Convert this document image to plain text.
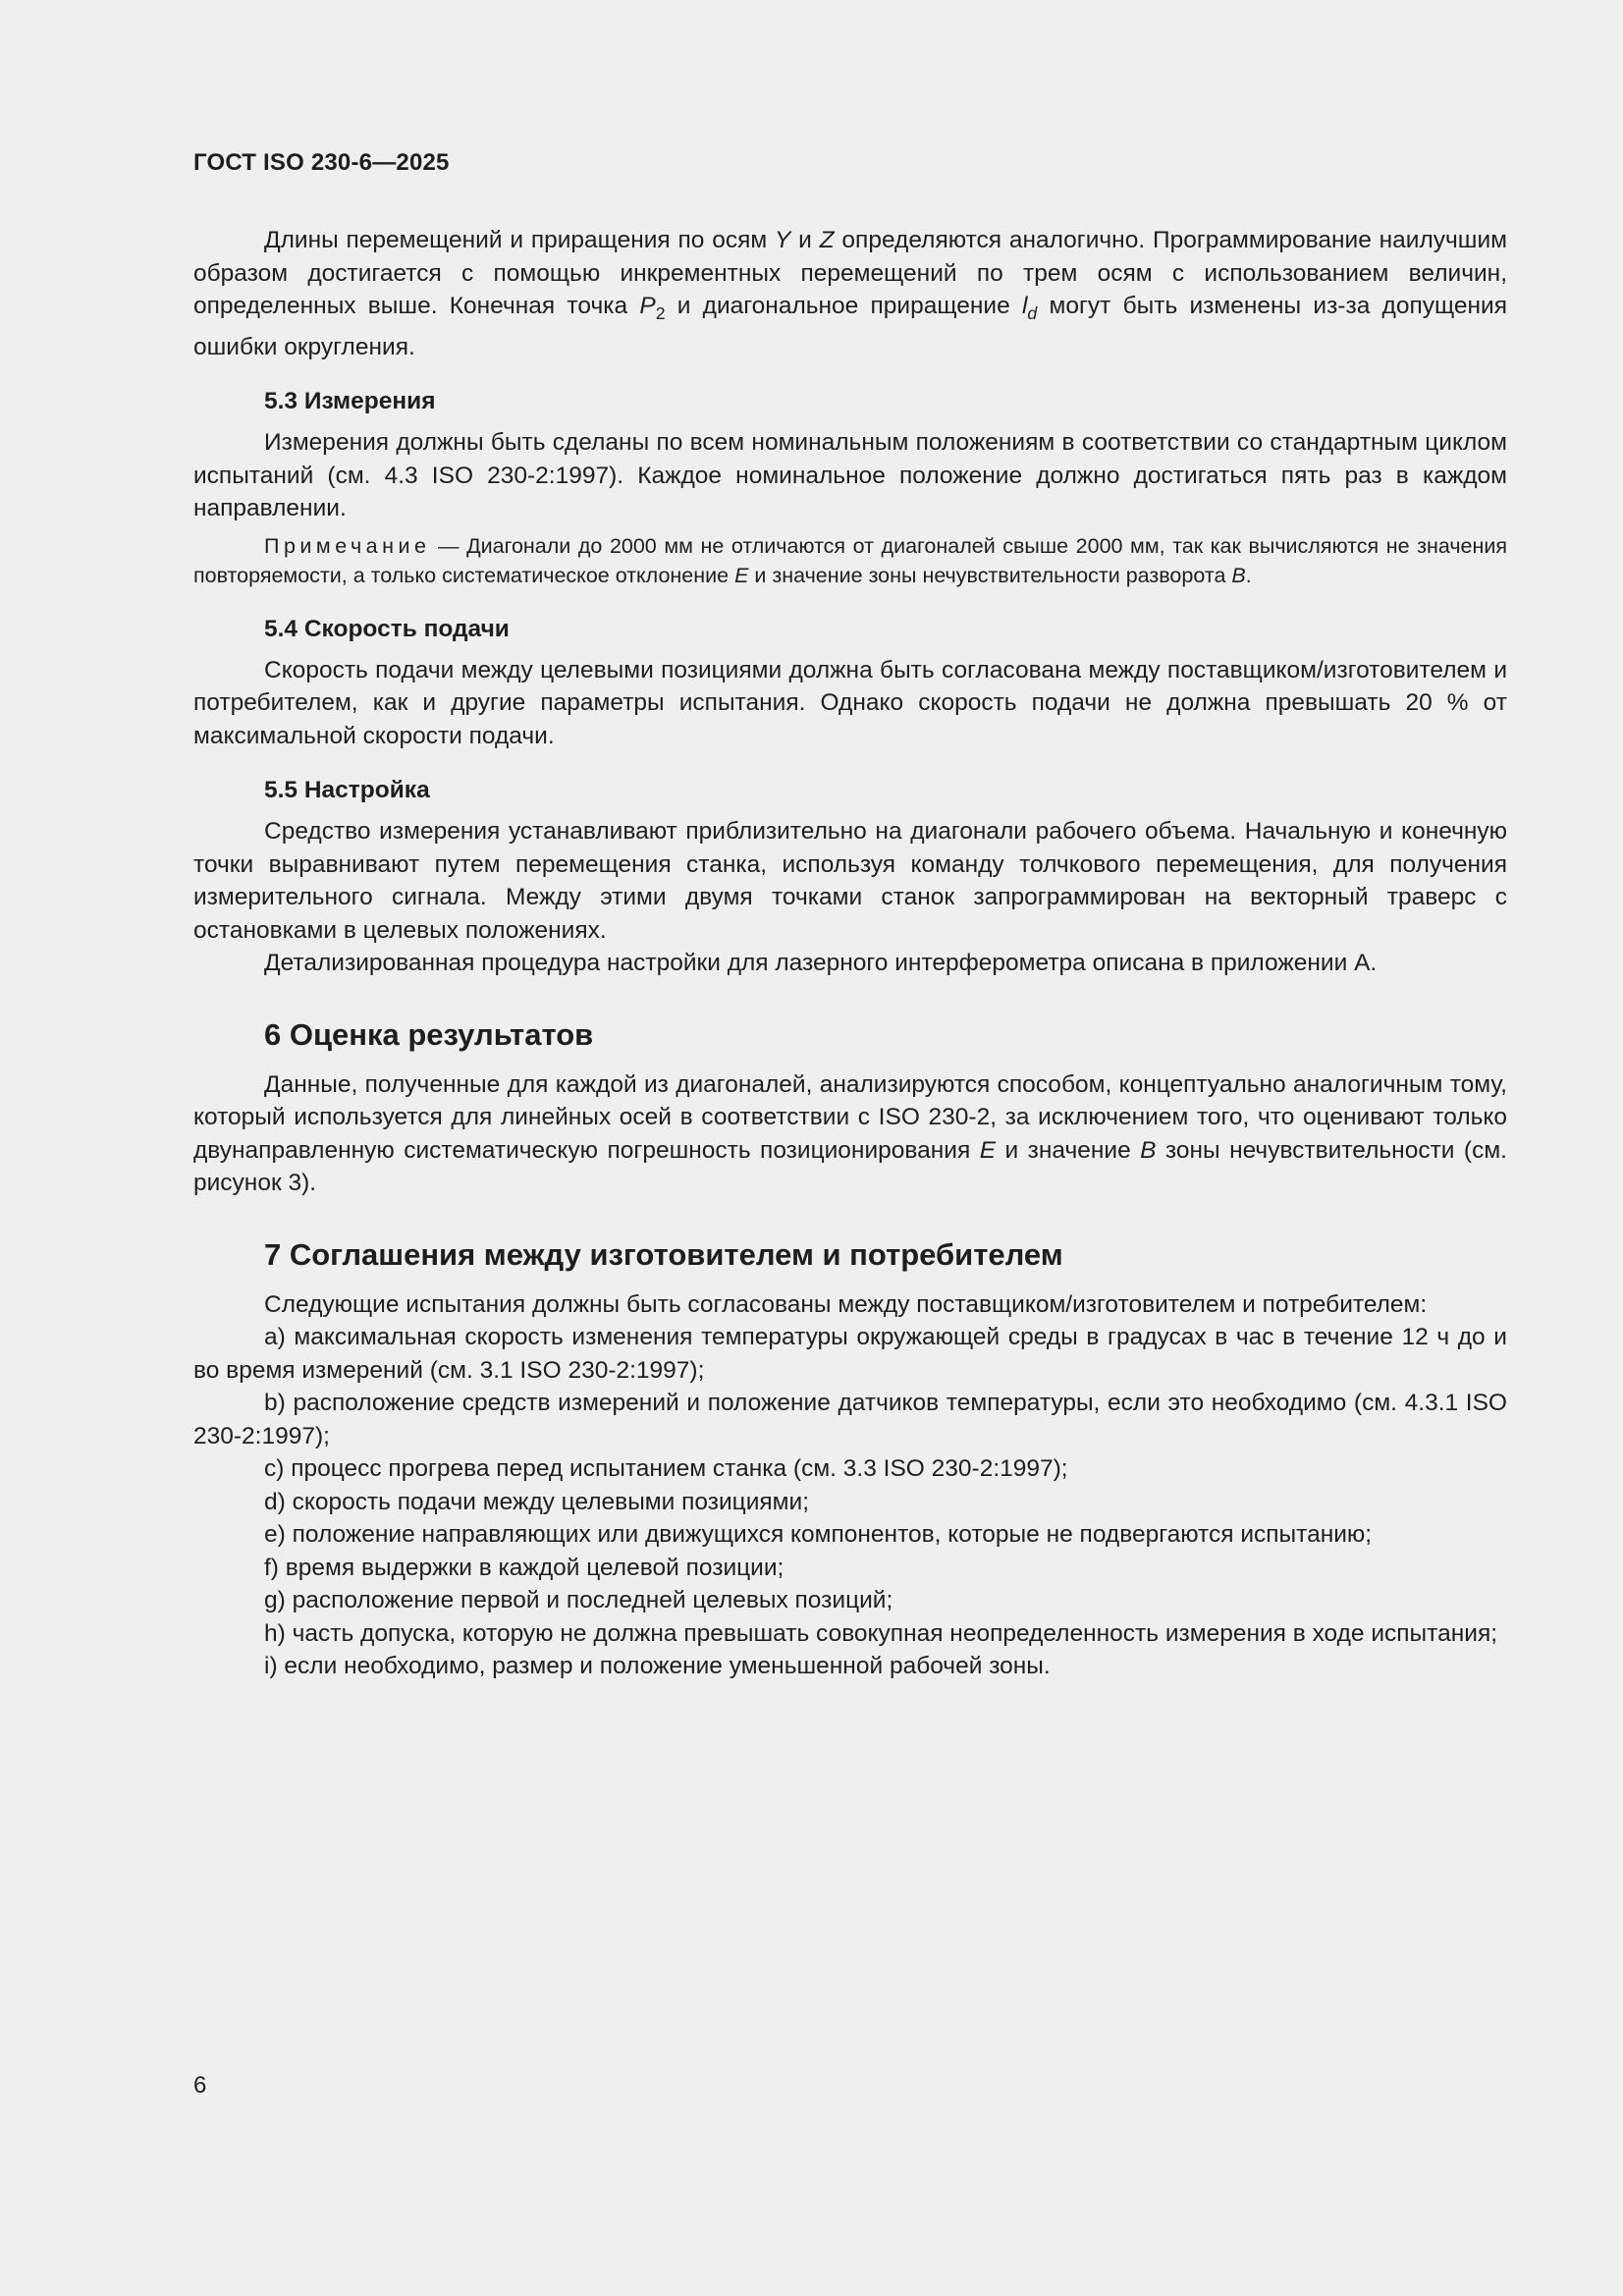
ГОСТ ISO 230-6—2025

Длины перемещений и приращения по осям Y и Z определяются аналогично. Программирование наилучшим образом достигается с помощью инкрементных перемещений по трем осям с использованием величин, определенных выше. Конечная точка $P_2$ и диагональное приращение $l_d$ могут быть изменены из-за допущения ошибки округления.

5.3 Измерения

Измерения должны быть сделаны по всем номинальным положениям в соответствии со стандартным циклом испытаний (см. 4.3 ISO 230-2:1997). Каждое номинальное положение должно достигаться пять раз в каждом направлении.

Примечание — Диагонали до 2000 мм не отличаются от диагоналей свыше 2000 мм, так как вычисляются не значения повторяемости, а только систематическое отклонение E и значение зоны нечувствительности разворота B.
5.4 Скорость подачи

Скорость подачи между целевыми позициями должна быть согласована между поставщиком/изготовителем и потребителем, как и другие параметры испытания. Однако скорость подачи не должна превышать 20 % от максимальной скорости подачи.

5.5 Настройка

Средство измерения устанавливают приблизительно на диагонали рабочего объема. Начальную и конечную точки выравнивают путем перемещения станка, используя команду толчкового перемещения, для получения измерительного сигнала. Между этими двумя точками станок запрограммирован на векторный траверс с остановками в целевых положениях.

Детализированная процедура настройки для лазерного интерферометра описана в приложении А.

6 Оценка результатов

Данные, полученные для каждой из диагоналей, анализируются способом, концептуально аналогичным тому, который используется для линейных осей в соответствии с ISO 230-2, за исключением того, что оценивают только двунаправленную систематическую погрешность позиционирования E и значение B зоны нечувствительности (см. рисунок 3).

7 Соглашения между изготовителем и потребителем

Следующие испытания должны быть согласованы между поставщиком/изготовителем и потребителем:

а) максимальная скорость изменения температуры окружающей среды в градусах в час в течение 12 ч до и во время измерений (см. 3.1 ISO 230-2:1997);

b) расположение средств измерений и положение датчиков температуры, если это необходимо (см. 4.3.1 ISO 230-2:1997);

c) процесс прогрева перед испытанием станка (см. 3.3 ISO 230-2:1997);

d) скорость подачи между целевыми позициями;

e) положение направляющих или движущихся компонентов, которые не подвергаются испытанию;

f) время выдержки в каждой целевой позиции;

g) расположение первой и последней целевых позиций;

h) часть допуска, которую не должна превышать совокупная неопределенность измерения в ходе испытания;

i) если необходимо, размер и положение уменьшенной рабочей зоны.

6
